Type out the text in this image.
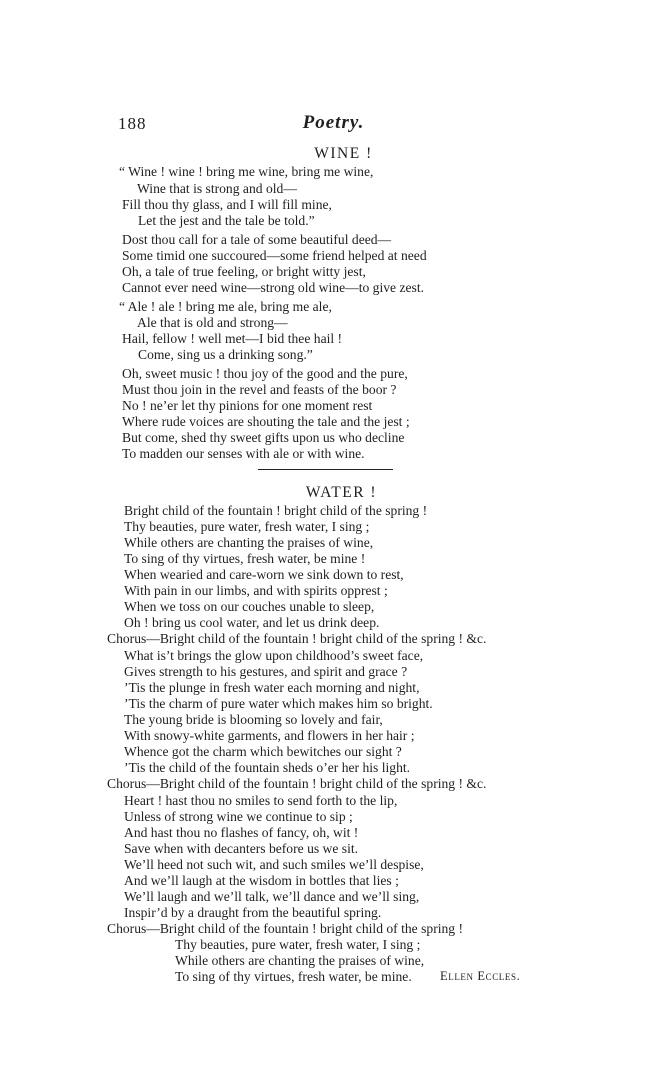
188	Poetry.
WINE !
“ Wine ! wine ! bring me wine, bring me wine,
Wine that is strong and old—
Fill thou thy glass, and I will fill mine,
Let the jest and the tale be told.”
Dost thou call for a tale of some beautiful deed—
Some timid one succoured—some friend helped at need
Oh, a tale of true feeling, or bright witty jest,
Cannot ever need wine—strong old wine—to give zest.
“ Ale ! ale ! bring me ale, bring me ale,
Ale that is old and strong—
Hail, fellow ! well met—I bid thee hail !
Come, sing us a drinking song.”
Oh, sweet music ! thou joy of the good and the pure,
Must thou join in the revel and feasts of the boor ?
No ! ne’er let thy pinions for one moment rest
Where rude voices are shouting the tale and the jest ;
But come, shed thy sweet gifts upon us who decline
To madden our senses with ale or with wine.
WATER !
Bright child of the fountain ! bright child of the spring !
Thy beauties, pure water, fresh water, I sing ;
While others are chanting the praises of wine,
To sing of thy virtues, fresh water, be mine !
When wearied and care-worn we sink down to rest,
With pain in our limbs, and with spirits opprest ;
When we toss on our couches unable to sleep,
Oh ! bring us cool water, and let us drink deep.
Chorus—Bright child of the fountain ! bright child of the spring ! &c.
What is’t brings the glow upon childhood’s sweet face,
Gives strength to his gestures, and spirit and grace ?
’Tis the plunge in fresh water each morning and night,
’Tis the charm of pure water which makes him so bright.
The young bride is blooming so lovely and fair,
With snowy-white garments, and flowers in her hair ;
Whence got the charm which bewitches our sight ?
’Tis the child of the fountain sheds o’er her his light.
Chorus—Bright child of the fountain ! bright child of the spring ! &c.
Heart ! hast thou no smiles to send forth to the lip,
Unless of strong wine we continue to sip ;
And hast thou no flashes of fancy, oh, wit !
Save when with decanters before us we sit.
We’ll heed not such wit, and such smiles we’ll despise,
And we’ll laugh at the wisdom in bottles that lies ;
We’ll laugh and we’ll talk, we’ll dance and we’ll sing,
Inspir’d by a draught from the beautiful spring.
Chorus—Bright child of the fountain ! bright child of the spring !
Thy beauties, pure water, fresh water, I sing ;
While others are chanting the praises of wine,
To sing of thy virtues, fresh water, be mine. Ellen Eccles.
